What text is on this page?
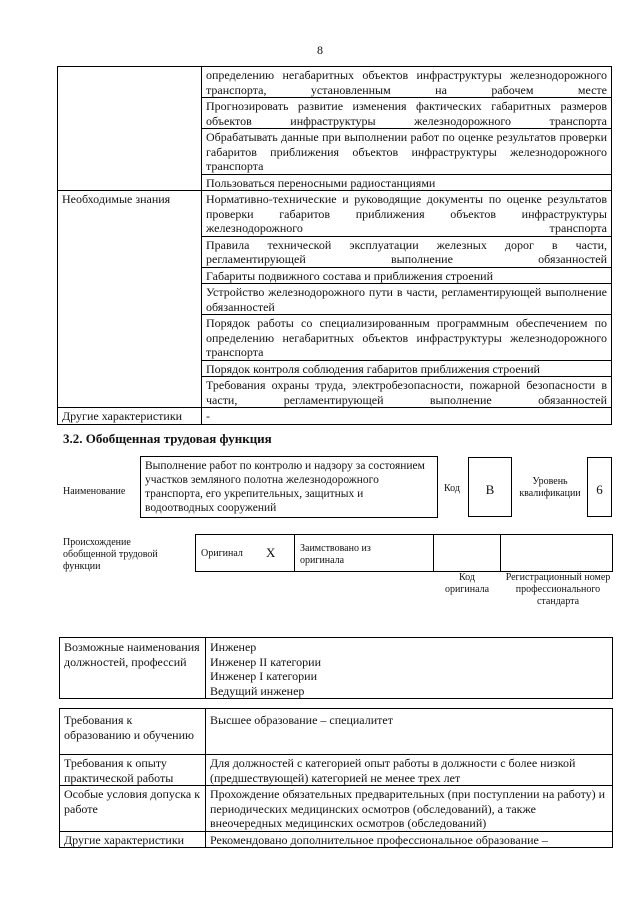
8
	определению негабаритных объектов инфраструктуры железнодорожного транспорта, установленным на рабочем месте
	Прогнозировать развитие изменения фактических габаритных размеров объектов инфраструктуры железнодорожного транспорта
	Обрабатывать данные при выполнении работ по оценке результатов проверки габаритов приближения объектов инфраструктуры железнодорожного транспорта
	Пользоваться переносными радиостанциями
Необходимые знания	Нормативно-технические и руководящие документы по оценке результатов проверки габаритов приближения объектов инфраструктуры железнодорожного транспорта
	Правила технической эксплуатации железных дорог в части, регламентирующей выполнение обязанностей
	Габариты подвижного состава и приближения строений
	Устройство железнодорожного пути в части, регламентирующей выполнение обязанностей
	Порядок работы со специализированным программным обеспечением по определению негабаритных объектов инфраструктуры железнодорожного транспорта
	Порядок контроля соблюдения габаритов приближения строений
	Требования охраны труда, электробезопасности, пожарной безопасности в части, регламентирующей выполнение обязанностей
Другие характеристики	-
3.2. Обобщенная трудовая функция
Наименование
Выполнение работ по контролю и надзору за состоянием участков земляного полотна железнодорожного транспорта, его укрепительных, защитных и водоотводных сооружений
Код	В
Уровень квалификации	6
Происхождение обобщенной трудовой функции
Оригинал X Заимствовано из оригинала
Код оригинала
Регистрационный номер профессионального стандарта
Возможные наименования должностей, профессий	
Инженер
Инженер II категории
Инженер I категории
Ведущий инженер
Требования к образованию и обучению	Высшее образование – специалитет
Требования к опыту практической работы	Для должностей с категорией опыт работы в должности с более низкой (предшествующей) категорией не менее трех лет
Особые условия допуска к работе	Прохождение обязательных предварительных (при поступлении на работу) и периодических медицинских осмотров (обследований), а также внеочередных медицинских осмотров (обследований)
Другие характеристики	Рекомендовано дополнительное профессиональное образование –
